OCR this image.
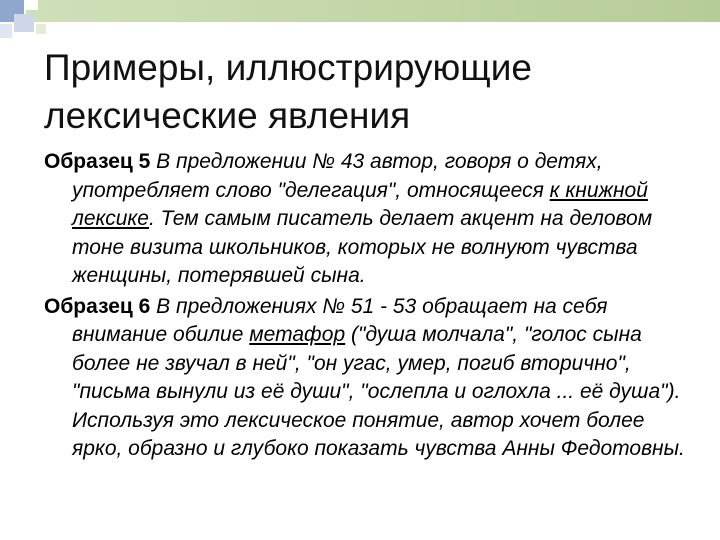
Примеры, иллюстрирующие лексические явления

Образец 5 В предложении № 43 автор, говоря о детях, употребляет слово "делегация", относящееся к книжной лексике. Тем самым писатель делает акцент на деловом тоне визита школьников, которых не волнуют чувства женщины, потерявшей сына.

Образец 6 В предложениях № 51 - 53 обращает на себя внимание обилие метафор ("душа молчала", "голос сына более не звучал в ней", "он угас, умер, погиб вторично", "письма вынули из её души", "ослепла и оглохла ... её душа"). Используя это лексическое понятие, автор хочет более ярко, образно и глубоко показать чувства Анны Федотовны.
